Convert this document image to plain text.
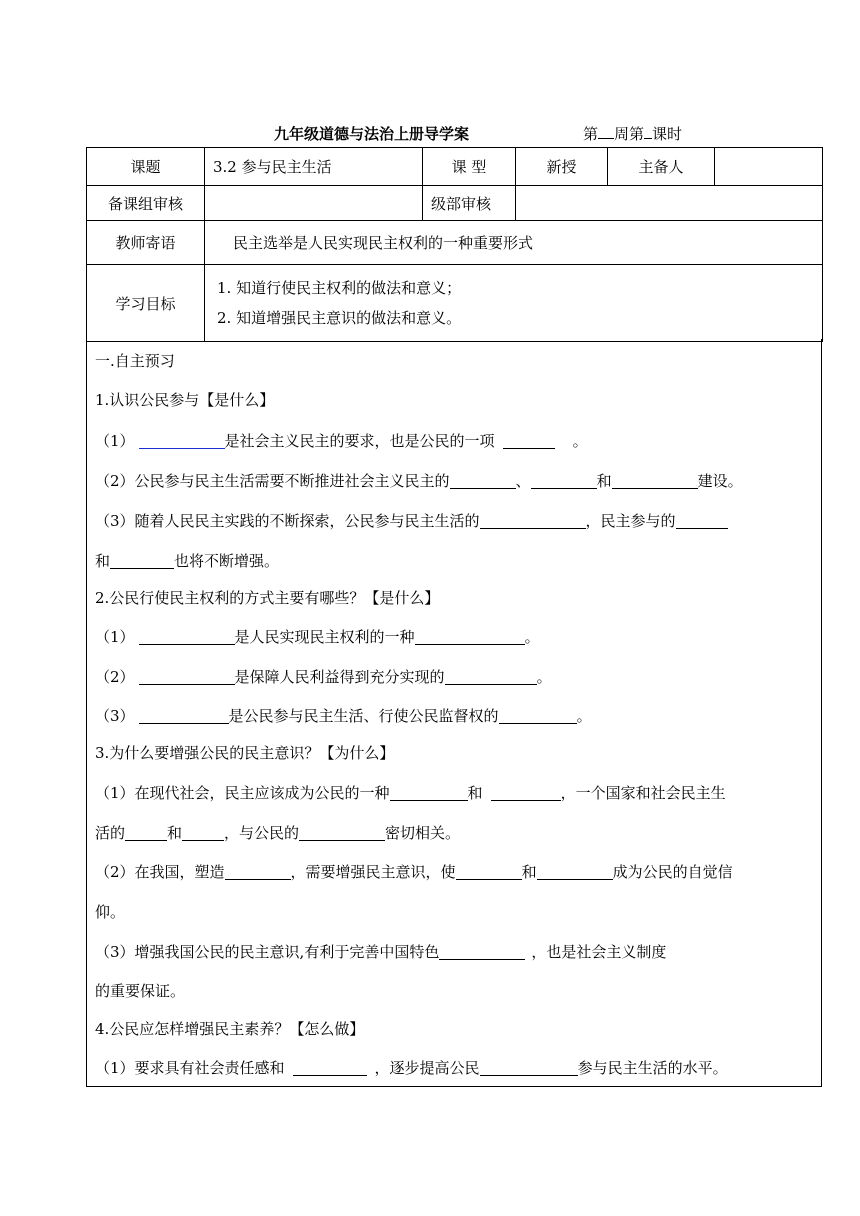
九年级道德与法治上册导学案	第 周第 课时
课题	3.2 参与民主生活	课 型	新授	主备人	
备课组审核		级部审核			
教师寄语	民主选举是人民实现民主权利的一种重要形式				
学习目标	1. 知道行使民主权利的做法和意义；
2. 知道增强民主意识的做法和意义。				
一.自主预习
1.认识公民参与【是什么】
（1）	是社会主义民主的要求，也是公民的一项	。
（2）公民参与民主生活需要不断推进社会主义民主的	、	和	建设。
（3）随着人民民主实践的不断探索，公民参与民主生活的	，民主参与的
和	也将不断增强。
2.公民行使民主权利的方式主要有哪些？【是什么】
（1）	是人民实现民主权利的一种	。
（2）	是保障人民利益得到充分实现的	。
（3）	是公民参与民主生活、行使公民监督权的	。
3.为什么要增强公民的民主意识？【为什么】
（1）在现代社会，民主应该成为公民的一种	和	，一个国家和社会民主生
活的	和	，与公民的	密切相关。
（2）在我国，塑造	，需要增强民主意识，使	和	成为公民的自觉信
仰。
（3）增强我国公民的民主意识,有利于完善中国特色	，也是社会主义制度
的重要保证。
4.公民应怎样增强民主素养？【怎么做】
（1）要求具有社会责任感和	，逐步提高公民	参与民主生活的水平。
